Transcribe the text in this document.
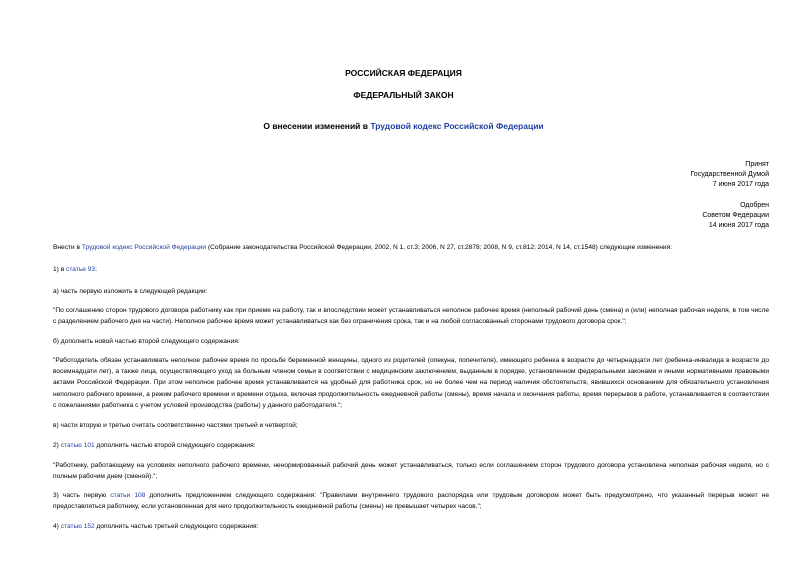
РОССИЙСКАЯ ФЕДЕРАЦИЯ
ФЕДЕРАЛЬНЫЙ ЗАКОН
О внесении изменений в Трудовой кодекс Российской Федерации
Принят
Государственной Думой
7 июня 2017 года
Одобрен
Советом Федерации
14 июня 2017 года
Внести в Трудовой кодекс Российской Федерации (Собрание законодательства Российской Федерации, 2002, N 1, ст.3; 2006, N 27, ст.2878; 2008, N 9, ст.812; 2014, N 14, ст.1548) следующие изменения:
1) в статье 93:
а) часть первую изложить в следующей редакции:
"По соглашению сторон трудового договора работнику как при приеме на работу, так и впоследствии может устанавливаться неполное рабочее время (неполный рабочий день (смена) и (или) неполная рабочая неделя, в том числе с разделением рабочего дня на части). Неполное рабочее время может устанавливаться как без ограничения срока, так и на любой согласованный сторонами трудового договора срок.";
б) дополнить новой частью второй следующего содержания:
"Работодатель обязан устанавливать неполное рабочее время по просьбе беременной женщины, одного из родителей (опекуна, попечителя), имеющего ребенка в возрасте до четырнадцати лет (ребенка-инвалида в возрасте до восемнадцати лет), а также лица, осуществляющего уход за больным членом семьи в соответствии с медицинским заключением, выданным в порядке, установленном федеральными законами и иными нормативными правовыми актами Российской Федерации. При этом неполное рабочее время устанавливается на удобный для работника срок, но не более чем на период наличия обстоятельств, явившихся основанием для обязательного установления неполного рабочего времени, а режим рабочего времени и времени отдыха, включая продолжительность ежедневной работы (смены), время начала и окончания работы, время перерывов в работе, устанавливается в соответствии с пожеланиями работника с учетом условий производства (работы) у данного работодателя.";
в) части вторую и третью считать соответственно частями третьей и четвертой;
2) статью 101 дополнить частью второй следующего содержания:
"Работнику, работающему на условиях неполного рабочего времени, ненормированный рабочий день может устанавливаться, только если соглашением сторон трудового договора установлена неполная рабочая неделя, но с полным рабочим днем (сменой).";
3) часть первую статьи 108 дополнить предложением следующего содержания: "Правилами внутреннего трудового распорядка или трудовым договором может быть предусмотрено, что указанный перерыв может не предоставляться работнику, если установленная для него продолжительность ежедневной работы (смены) не превышает четырех часов.";
4) статью 152 дополнить частью третьей следующего содержания:
